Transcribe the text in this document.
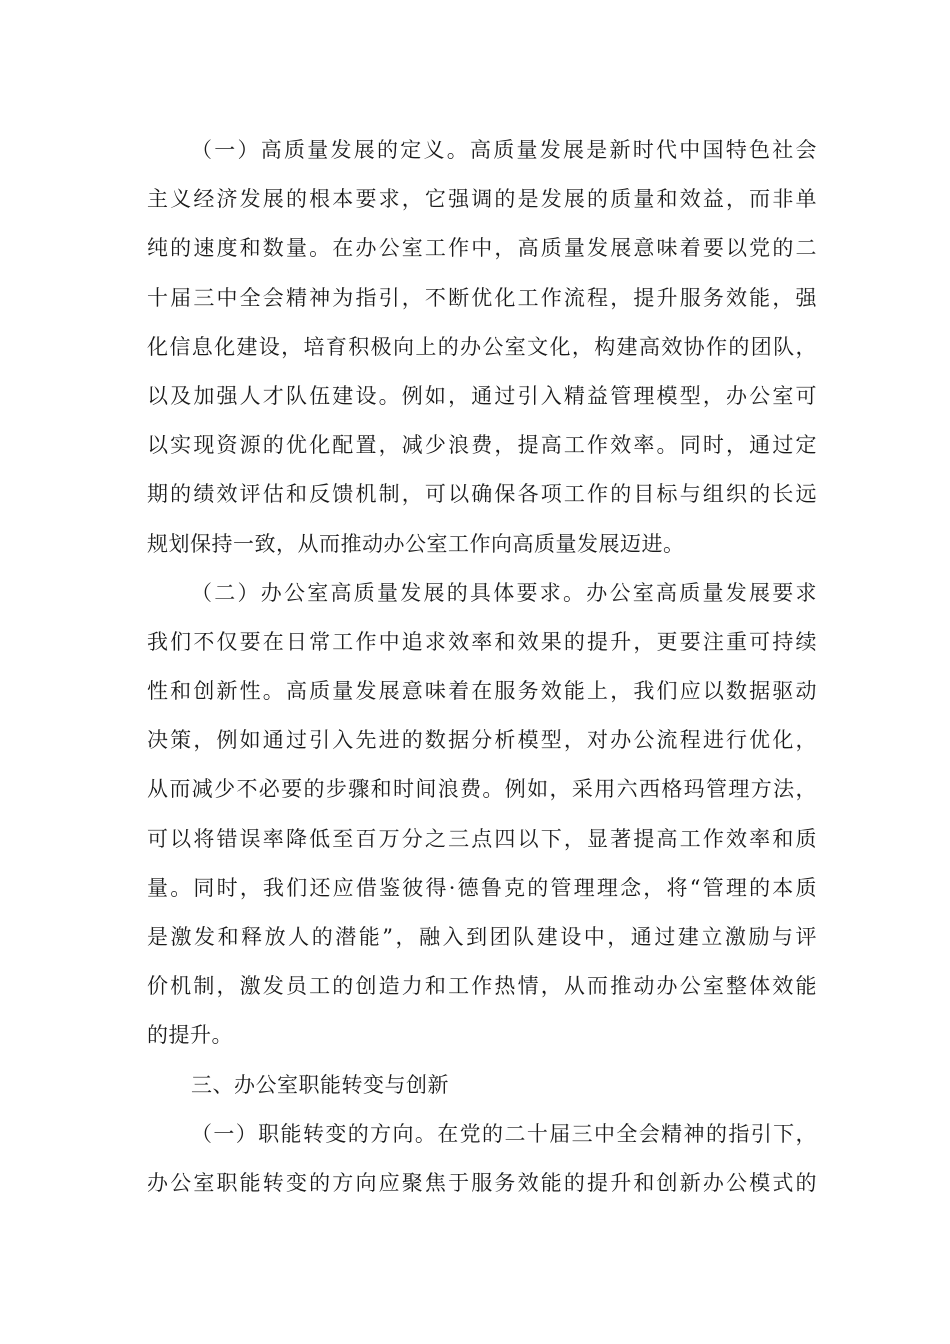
（一）高质量发展的定义。高质量发展是新时代中国特色社会
主义经济发展的根本要求，它强调的是发展的质量和效益，而非单
纯的速度和数量。在办公室工作中，高质量发展意味着要以党的二
十届三中全会精神为指引，不断优化工作流程，提升服务效能，强
化信息化建设，培育积极向上的办公室文化，构建高效协作的团队，
以及加强人才队伍建设。例如，通过引入精益管理模型，办公室可
以实现资源的优化配置，减少浪费，提高工作效率。同时，通过定
期的绩效评估和反馈机制，可以确保各项工作的目标与组织的长远
规划保持一致，从而推动办公室工作向高质量发展迈进。
（二）办公室高质量发展的具体要求。办公室高质量发展要求
我们不仅要在日常工作中追求效率和效果的提升，更要注重可持续
性和创新性。高质量发展意味着在服务效能上，我们应以数据驱动
决策，例如通过引入先进的数据分析模型，对办公流程进行优化，
从而减少不必要的步骤和时间浪费。例如，采用六西格玛管理方法，
可以将错误率降低至百万分之三点四以下，显著提高工作效率和质
量。同时，我们还应借鉴彼得·德鲁克的管理理念，将“管理的本质
是激发和释放人的潜能”，融入到团队建设中，通过建立激励与评
价机制，激发员工的创造力和工作热情，从而推动办公室整体效能
的提升。
三、办公室职能转变与创新
（一）职能转变的方向。在党的二十届三中全会精神的指引下，
办公室职能转变的方向应聚焦于服务效能的提升和创新办公模式的
